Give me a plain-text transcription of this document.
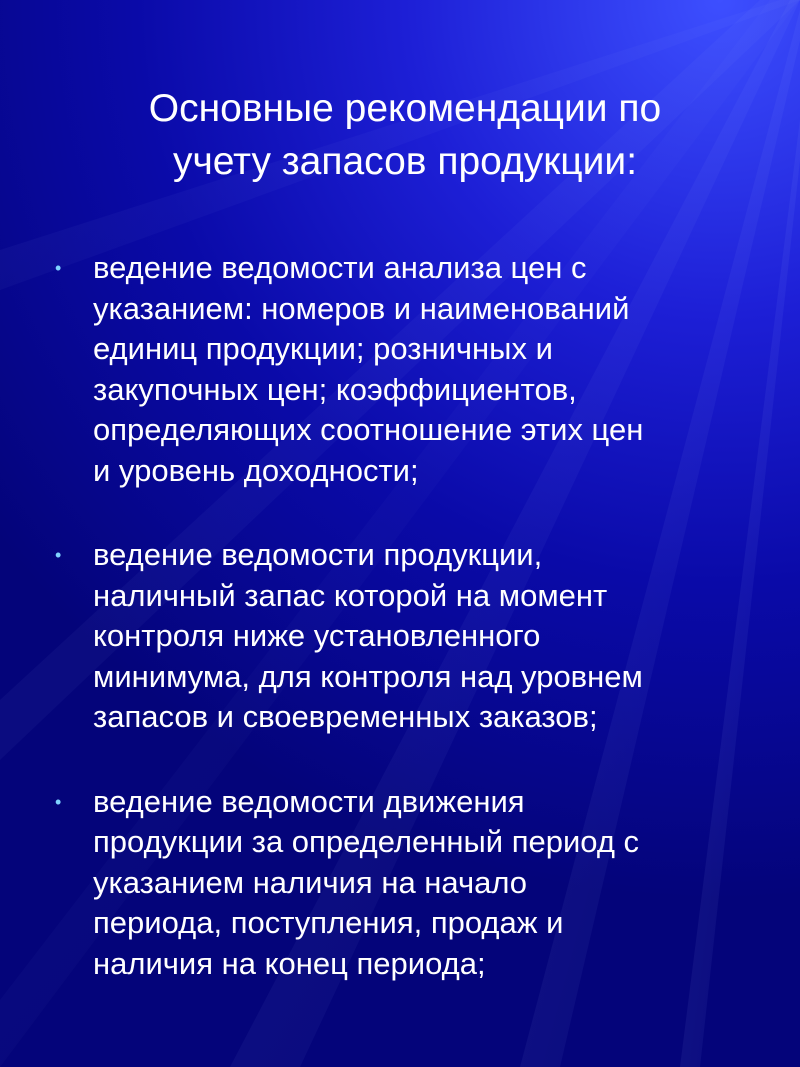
Основные рекомендации по
учету запасов продукции:
• ведение ведомости анализа цен с
указанием: номеров и наименований
единиц продукции; розничных и
закупочных цен; коэффициентов,
определяющих соотношение этих цен
и уровень доходности;
• ведение ведомости продукции,
наличный запас которой на момент
контроля ниже установленного
минимума, для контроля над уровнем
запасов и своевременных заказов;
• ведение ведомости движения
продукции за определенный период с
указанием наличия на начало
периода, поступления, продаж и
наличия на конец периода;
